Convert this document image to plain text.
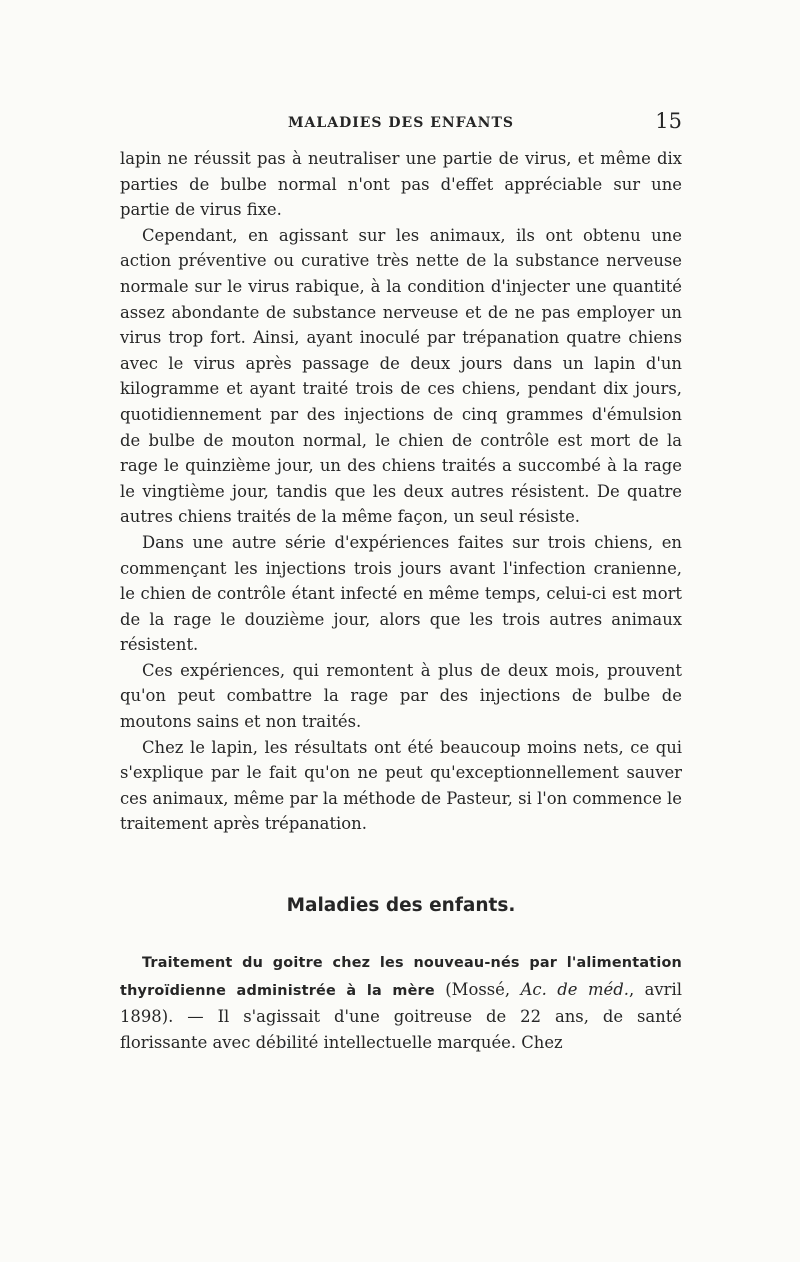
MALADIES DES ENFANTS	15

lapin ne réussit pas à neutraliser une partie de virus, et même dix parties de bulbe normal n'ont pas d'effet appréciable sur une partie de virus fixe.

Cependant, en agissant sur les animaux, ils ont obtenu une action préventive ou curative très nette de la substance nerveuse normale sur le virus rabique, à la condition d'injecter une quantité assez abondante de substance nerveuse et de ne pas employer un virus trop fort. Ainsi, ayant inoculé par trépanation quatre chiens avec le virus après passage de deux jours dans un lapin d'un kilogramme et ayant traité trois de ces chiens, pendant dix jours, quotidiennement par des injections de cinq grammes d'émulsion de bulbe de mouton normal, le chien de contrôle est mort de la rage le quinzième jour, un des chiens traités a succombé à la rage le vingtième jour, tandis que les deux autres résistent. De quatre autres chiens traités de la même façon, un seul résiste.

Dans une autre série d'expériences faites sur trois chiens, en commençant les injections trois jours avant l'infection cranienne, le chien de contrôle étant infecté en même temps, celui-ci est mort de la rage le douzième jour, alors que les trois autres animaux résistent.

Ces expériences, qui remontent à plus de deux mois, prouvent qu'on peut combattre la rage par des injections de bulbe de moutons sains et non traités.

Chez le lapin, les résultats ont été beaucoup moins nets, ce qui s'explique par le fait qu'on ne peut qu'exceptionnellement sauver ces animaux, même par la méthode de Pasteur, si l'on commence le traitement après trépanation.

Maladies des enfants.

Traitement du goitre chez les nouveau-nés par l'alimentation thyroïdienne administrée à la mère (Mossé, Ac. de méd., avril 1898). — Il s'agissait d'une goitreuse de 22 ans, de santé florissante avec débilité intellectuelle marquée. Chez
